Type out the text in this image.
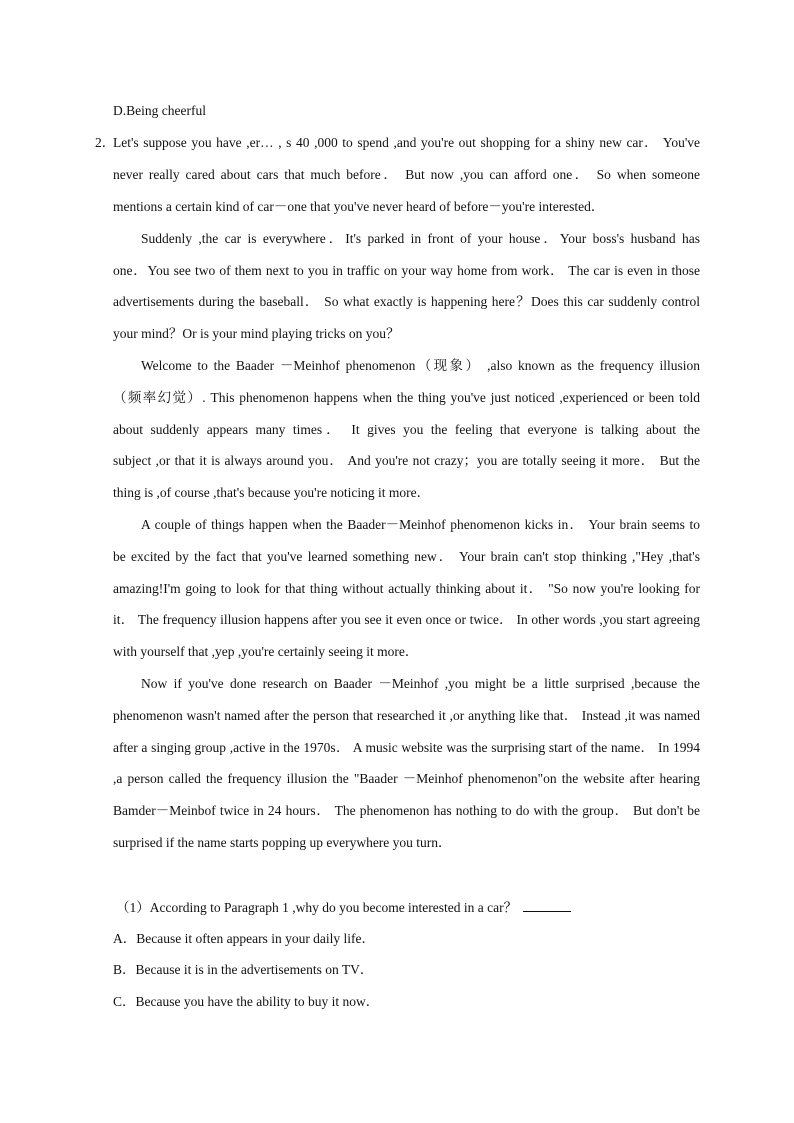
D.Being cheerful
2．
Let's suppose you have ,er… , s 40 ,000 to spend ,and you're out shopping for a shiny new car． You've
never really cared about cars that much before． But now ,you can afford one． So when someone
mentions a certain kind of car－one that you've never heard of before－you're interested．
Suddenly ,the car is everywhere．It's parked in front of your house．Your boss's husband has
one．You see two of them next to you in traffic on your way home from work． The car is even in those
advertisements during the baseball． So what exactly is happening here？Does this car suddenly control
your mind？Or is your mind playing tricks on you？
Welcome to the Baader －Meinhof phenomenon（现象） ,also known as the frequency illusion
（频率幻觉）. This phenomenon happens when the thing you've just noticed ,experienced or been told
about suddenly appears many times． It gives you the feeling that everyone is talking about the
subject ,or that it is always around you． And you're not crazy；you are totally seeing it more． But the
thing is ,of course ,that's because you're noticing it more．
A couple of things happen when the Baader－Meinhof phenomenon kicks in． Your brain seems to
be excited by the fact that you've learned something new． Your brain can't stop thinking ,"Hey ,that's
amazing!I'm going to look for that thing without actually thinking about it． "So now you're looking for
it． The frequency illusion happens after you see it even once or twice． In other words ,you start agreeing
with yourself that ,yep ,you're certainly seeing it more．
Now if you've done research on Baader －Meinhof ,you might be a little surprised ,because the
phenomenon wasn't named after the person that researched it ,or anything like that． Instead ,it was named
after a singing group ,active in the 1970s． A music website was the surprising start of the name． In 1994
,a person called the frequency illusion the "Baader －Meinhof phenomenon"on the website after hearing
Bamder－Meinbof twice in 24 hours． The phenomenon has nothing to do with the group． But don't be
surprised if the name starts popping up everywhere you turn．
（1）According to Paragraph 1 ,why do you become interested in a car？
A．Because it often appears in your daily life．
B．Because it is in the advertisements on TV．
C．Because you have the ability to buy it now．
